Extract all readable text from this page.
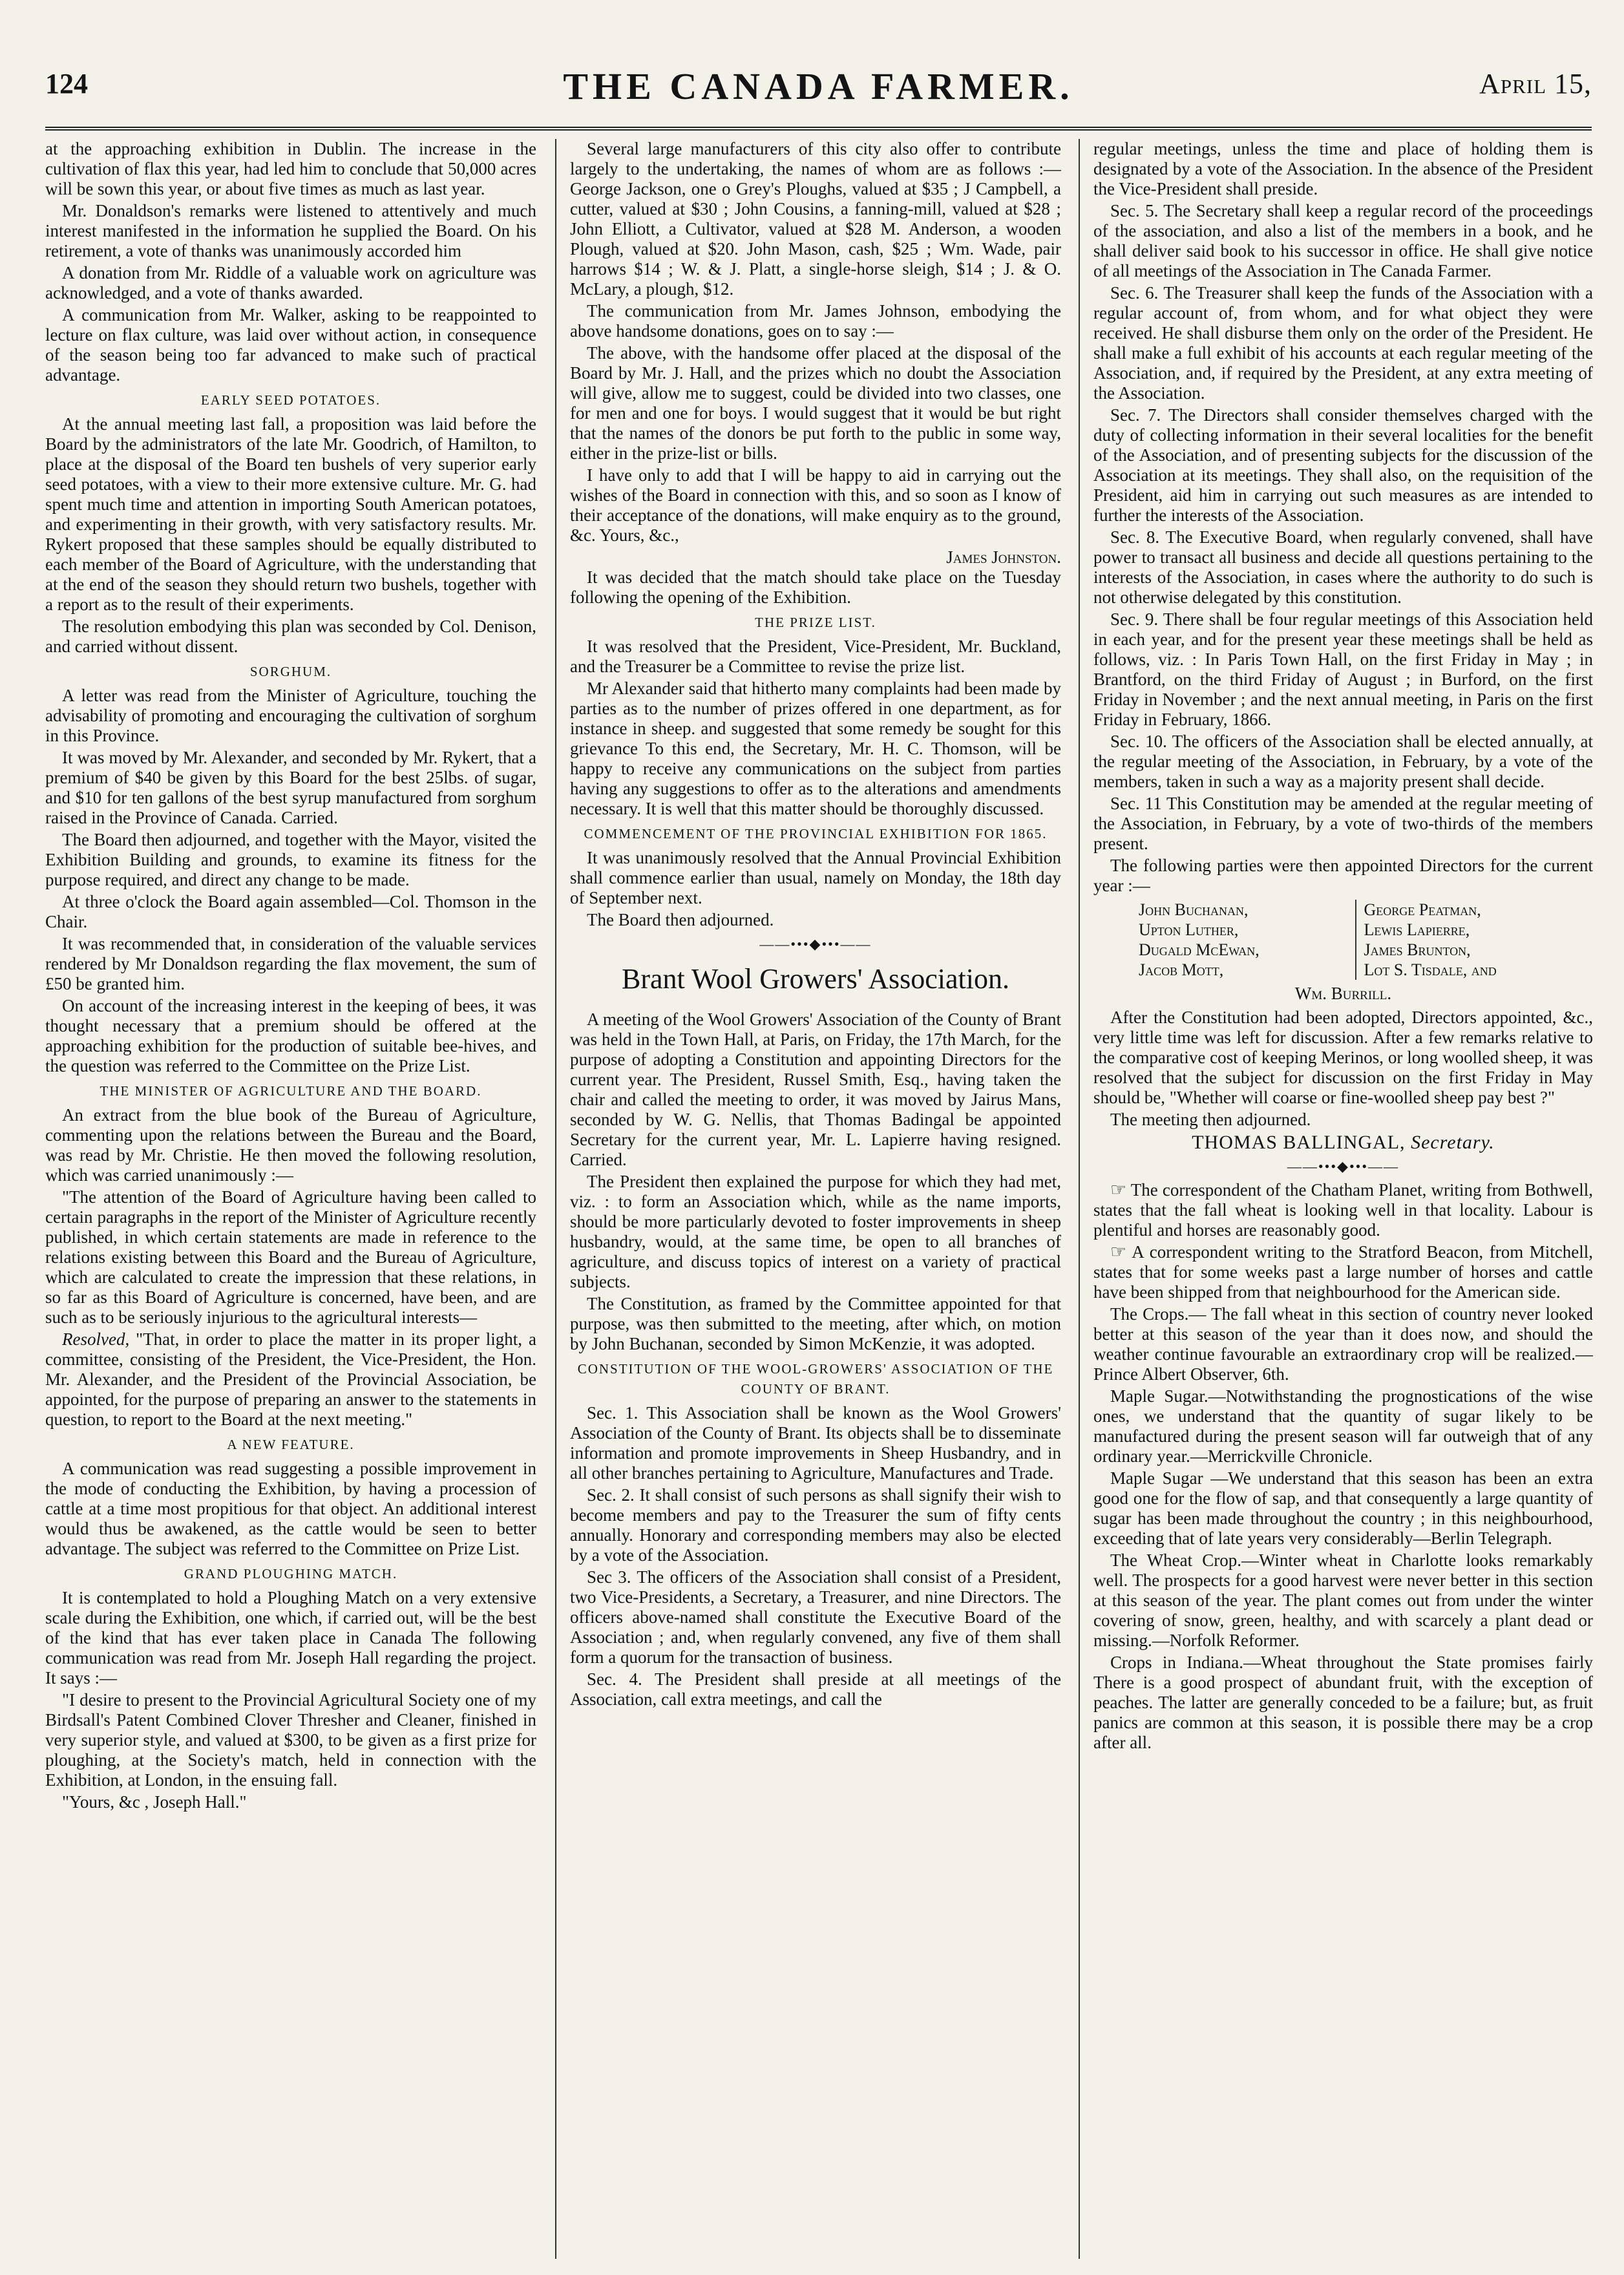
124	THE CANADA FARMER.	April 15,

at the approaching exhibition in Dublin. The increase in the cultivation of flax this year, had led him to conclude that 50,000 acres will be sown this year, or about five times as much as last year.

Mr. Donaldson's remarks were listened to attentively and much interest manifested in the information he supplied the Board. On his retirement, a vote of thanks was unanimously accorded him

A donation from Mr. Riddle of a valuable work on agriculture was acknowledged, and a vote of thanks awarded.

A communication from Mr. Walker, asking to be reappointed to lecture on flax culture, was laid over without action, in consequence of the season being too far advanced to make such of practical advantage.

EARLY SEED POTATOES.

At the annual meeting last fall, a proposition was laid before the Board by the administrators of the late Mr. Goodrich, of Hamilton, to place at the disposal of the Board ten bushels of very superior early seed potatoes, with a view to their more extensive culture. Mr. G. had spent much time and attention in importing South American potatoes, and experimenting in their growth, with very satisfactory results. Mr. Rykert proposed that these samples should be equally distributed to each member of the Board of Agriculture, with the understanding that at the end of the season they should return two bushels, together with a report as to the result of their experiments.

The resolution embodying this plan was seconded by Col. Denison, and carried without dissent.

SORGHUM.

A letter was read from the Minister of Agriculture, touching the advisability of promoting and encouraging the cultivation of sorghum in this Province.

It was moved by Mr. Alexander, and seconded by Mr. Rykert, that a premium of $40 be given by this Board for the best 25lbs. of sugar, and $10 for ten gallons of the best syrup manufactured from sorghum raised in the Province of Canada. Carried.

The Board then adjourned, and together with the Mayor, visited the Exhibition Building and grounds, to examine its fitness for the purpose required, and direct any change to be made.

At three o'clock the Board again assembled—Col. Thomson in the Chair.

It was recommended that, in consideration of the valuable services rendered by Mr Donaldson regarding the flax movement, the sum of £50 be granted him.

On account of the increasing interest in the keeping of bees, it was thought necessary that a premium should be offered at the approaching exhibition for the production of suitable bee-hives, and the question was referred to the Committee on the Prize List.

THE MINISTER OF AGRICULTURE AND THE BOARD.

An extract from the blue book of the Bureau of Agriculture, commenting upon the relations between the Bureau and the Board, was read by Mr. Christie. He then moved the following resolution, which was carried unanimously :—

"The attention of the Board of Agriculture having been called to certain paragraphs in the report of the Minister of Agriculture recently published, in which certain statements are made in reference to the relations existing between this Board and the Bureau of Agriculture, which are calculated to create the impression that these relations, in so far as this Board of Agriculture is concerned, have been, and are such as to be seriously injurious to the agricultural interests—

Resolved, "That, in order to place the matter in its proper light, a committee, consisting of the President, the Vice-President, the Hon. Mr. Alexander, and the President of the Provincial Association, be appointed, for the purpose of preparing an answer to the statements in question, to report to the Board at the next meeting."

A NEW FEATURE.

A communication was read suggesting a possible improvement in the mode of conducting the Exhibition, by having a procession of cattle at a time most propitious for that object. An additional interest would thus be awakened, as the cattle would be seen to better advantage. The subject was referred to the Committee on Prize List.

GRAND PLOUGHING MATCH.

It is contemplated to hold a Ploughing Match on a very extensive scale during the Exhibition, one which, if carried out, will be the best of the kind that has ever taken place in Canada The following communication was read from Mr. Joseph Hall regarding the project. It says :—

"I desire to present to the Provincial Agricultural Society one of my Birdsall's Patent Combined Clover Thresher and Cleaner, finished in very superior style, and valued at $300, to be given as a first prize for ploughing, at the Society's match, held in connection with the Exhibition, at London, in the ensuing fall.

"Yours, &c , Joseph Hall."

Several large manufacturers of this city also offer to contribute largely to the undertaking, the names of whom are as follows :—George Jackson, one o Grey's Ploughs, valued at $35 ; J Campbell, a cutter, valued at $30 ; John Cousins, a fanning-mill, valued at $28 ; John Elliott, a Cultivator, valued at $28 M. Anderson, a wooden Plough, valued at $20. John Mason, cash, $25 ; Wm. Wade, pair harrows $14 ; W. & J. Platt, a single-horse sleigh, $14 ; J. & O. McLary, a plough, $12.

The communication from Mr. James Johnson, embodying the above handsome donations, goes on to say :—

The above, with the handsome offer placed at the disposal of the Board by Mr. J. Hall, and the prizes which no doubt the Association will give, allow me to suggest, could be divided into two classes, one for men and one for boys. I would suggest that it would be but right that the names of the donors be put forth to the public in some way, either in the prize-list or bills.

I have only to add that I will be happy to aid in carrying out the wishes of the Board in connection with this, and so soon as I know of their acceptance of the donations, will make enquiry as to the ground, &c. Yours, &c.,

James Johnston.

It was decided that the match should take place on the Tuesday following the opening of the Exhibition.

THE PRIZE LIST.

It was resolved that the President, Vice-President, Mr. Buckland, and the Treasurer be a Committee to revise the prize list.

Mr Alexander said that hitherto many complaints had been made by parties as to the number of prizes offered in one department, as for instance in sheep. and suggested that some remedy be sought for this grievance To this end, the Secretary, Mr. H. C. Thomson, will be happy to receive any communications on the subject from parties having any suggestions to offer as to the alterations and amendments necessary. It is well that this matter should be thoroughly discussed.

COMMENCEMENT OF THE PROVINCIAL EXHIBITION FOR 1865.

It was unanimously resolved that the Annual Provincial Exhibition shall commence earlier than usual, namely on Monday, the 18th day of September next.

The Board then adjourned.

——•••◆•••——
Brant Wool Growers' Association.

A meeting of the Wool Growers' Association of the County of Brant was held in the Town Hall, at Paris, on Friday, the 17th March, for the purpose of adopting a Constitution and appointing Directors for the current year. The President, Russel Smith, Esq., having taken the chair and called the meeting to order, it was moved by Jairus Mans, seconded by W. G. Nellis, that Thomas Badingal be appointed Secretary for the current year, Mr. L. Lapierre having resigned. Carried.

The President then explained the purpose for which they had met, viz. : to form an Association which, while as the name imports, should be more particularly devoted to foster improvements in sheep husbandry, would, at the same time, be open to all branches of agriculture, and discuss topics of interest on a variety of practical subjects.

The Constitution, as framed by the Committee appointed for that purpose, was then submitted to the meeting, after which, on motion by John Buchanan, seconded by Simon McKenzie, it was adopted.

CONSTITUTION OF THE WOOL-GROWERS' ASSOCIATION OF THE COUNTY OF BRANT.

Sec. 1. This Association shall be known as the Wool Growers' Association of the County of Brant. Its objects shall be to disseminate information and promote improvements in Sheep Husbandry, and in all other branches pertaining to Agriculture, Manufactures and Trade.

Sec. 2. It shall consist of such persons as shall signify their wish to become members and pay to the Treasurer the sum of fifty cents annually. Honorary and corresponding members may also be elected by a vote of the Association.

Sec 3. The officers of the Association shall consist of a President, two Vice-Presidents, a Secretary, a Treasurer, and nine Directors. The officers above-named shall constitute the Executive Board of the Association ; and, when regularly convened, any five of them shall form a quorum for the transaction of business.

Sec. 4. The President shall preside at all meetings of the Association, call extra meetings, and call the

regular meetings, unless the time and place of holding them is designated by a vote of the Association. In the absence of the President the Vice-President shall preside.

Sec. 5. The Secretary shall keep a regular record of the proceedings of the association, and also a list of the members in a book, and he shall deliver said book to his successor in office. He shall give notice of all meetings of the Association in The Canada Farmer.

Sec. 6. The Treasurer shall keep the funds of the Association with a regular account of, from whom, and for what object they were received. He shall disburse them only on the order of the President. He shall make a full exhibit of his accounts at each regular meeting of the Association, and, if required by the President, at any extra meeting of the Association.

Sec. 7. The Directors shall consider themselves charged with the duty of collecting information in their several localities for the benefit of the Association, and of presenting subjects for the discussion of the Association at its meetings. They shall also, on the requisition of the President, aid him in carrying out such measures as are intended to further the interests of the Association.

Sec. 8. The Executive Board, when regularly convened, shall have power to transact all business and decide all questions pertaining to the interests of the Association, in cases where the authority to do such is not otherwise delegated by this constitution.

Sec. 9. There shall be four regular meetings of this Association held in each year, and for the present year these meetings shall be held as follows, viz. : In Paris Town Hall, on the first Friday in May ; in Brantford, on the third Friday of August ; in Burford, on the first Friday in November ; and the next annual meeting, in Paris on the first Friday in February, 1866.

Sec. 10. The officers of the Association shall be elected annually, at the regular meeting of the Association, in February, by a vote of the members, taken in such a way as a majority present shall decide.

Sec. 11 This Constitution may be amended at the regular meeting of the Association, in February, by a vote of two-thirds of the members present.

The following parties were then appointed Directors for the current year :—

John Buchanan,	George Peatman,
Upton Luther,	Lewis Lapierre,
Dugald McEwan,	James Brunton,
Jacob Mott,	Lot S. Tisdale, and
Wm. Burrill.

After the Constitution had been adopted, Directors appointed, &c., very little time was left for discussion. After a few remarks relative to the comparative cost of keeping Merinos, or long woolled sheep, it was resolved that the subject for discussion on the first Friday in May should be, "Whether will coarse or fine-woolled sheep pay best ?"

The meeting then adjourned.

THOMAS BALLINGAL, Secretary.
——•••◆•••——

☞ The correspondent of the Chatham Planet, writing from Bothwell, states that the fall wheat is looking well in that locality. Labour is plentiful and horses are reasonably good.

☞ A correspondent writing to the Stratford Beacon, from Mitchell, states that for some weeks past a large number of horses and cattle have been shipped from that neighbourhood for the American side.

The Crops.— The fall wheat in this section of country never looked better at this season of the year than it does now, and should the weather continue favourable an extraordinary crop will be realized.—Prince Albert Observer, 6th.

Maple Sugar.—Notwithstanding the prognostications of the wise ones, we understand that the quantity of sugar likely to be manufactured during the present season will far outweigh that of any ordinary year.—Merrickville Chronicle.

Maple Sugar —We understand that this season has been an extra good one for the flow of sap, and that consequently a large quantity of sugar has been made throughout the country ; in this neighbourhood, exceeding that of late years very considerably—Berlin Telegraph.

The Wheat Crop.—Winter wheat in Charlotte looks remarkably well. The prospects for a good harvest were never better in this section at this season of the year. The plant comes out from under the winter covering of snow, green, healthy, and with scarcely a plant dead or missing.—Norfolk Reformer.

Crops in Indiana.—Wheat throughout the State promises fairly There is a good prospect of abundant fruit, with the exception of peaches. The latter are generally conceded to be a failure; but, as fruit panics are common at this season, it is possible there may be a crop after all.
